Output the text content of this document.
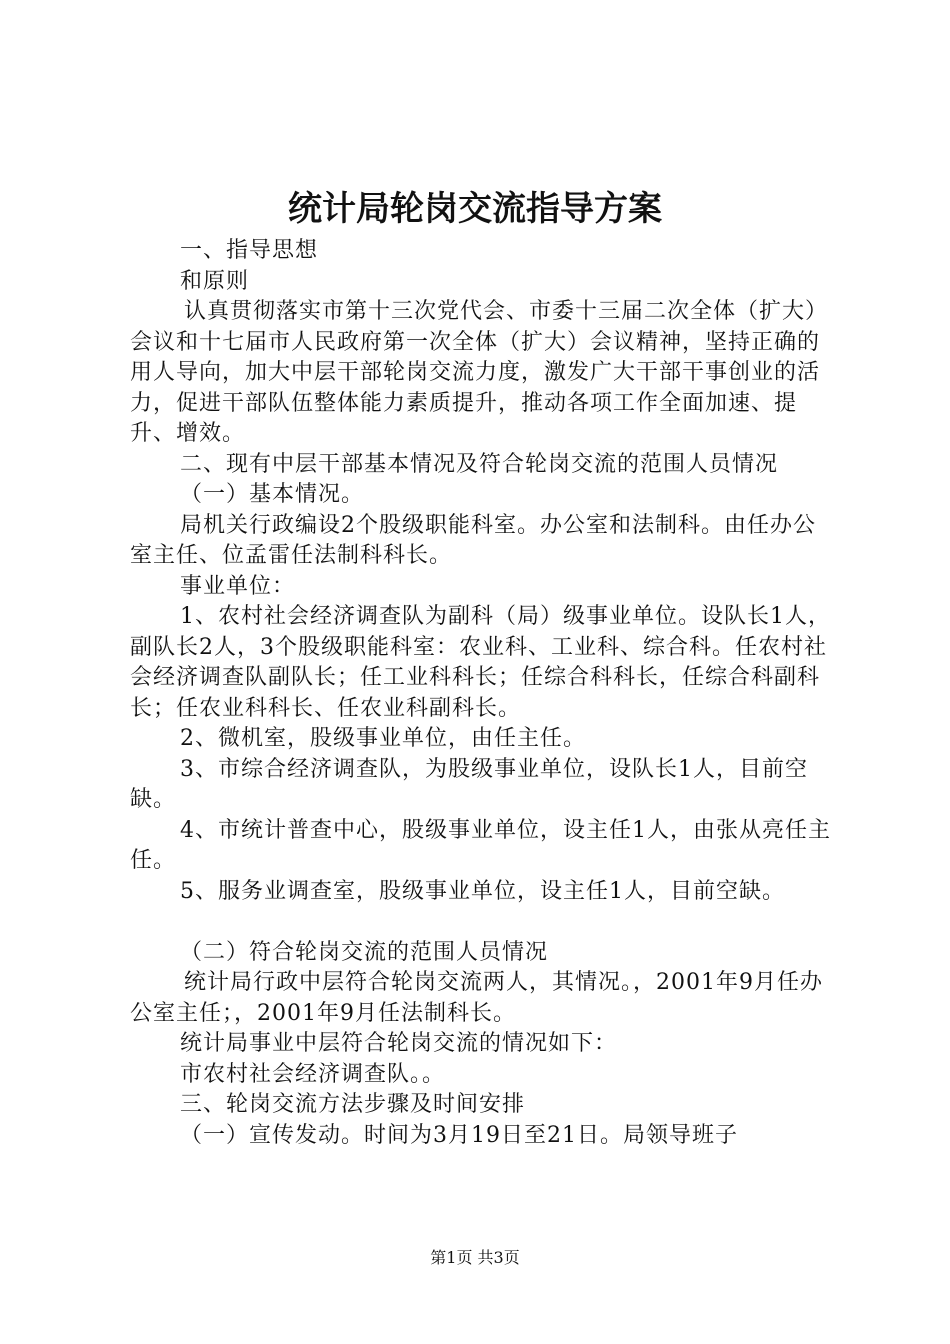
统计局轮岗交流指导方案

一、指导思想

和原则

认真贯彻落实市第十三次党代会、市委十三届二次全体（扩大）会议和十七届市人民政府第一次全体（扩大）会议精神，坚持正确的用人导向，加大中层干部轮岗交流力度，激发广大干部干事创业的活力，促进干部队伍整体能力素质提升，推动各项工作全面加速、提升、增效。

二、现有中层干部基本情况及符合轮岗交流的范围人员情况

（一）基本情况。

局机关行政编设2个股级职能科室。办公室和法制科。由任办公室主任、位孟雷任法制科科长。

事业单位：

1、农村社会经济调查队为副科（局）级事业单位。设队长1人，副队长2人，3个股级职能科室：农业科、工业科、综合科。任农村社会经济调查队副队长；任工业科科长；任综合科科长，任综合科副科长；任农业科科长、任农业科副科长。

2、微机室，股级事业单位，由任主任。

3、市综合经济调查队，为股级事业单位，设队长1人，目前空缺。

4、市统计普查中心，股级事业单位，设主任1人，由张从亮任主任。

5、服务业调查室，股级事业单位，设主任1人，目前空缺。

（二）符合轮岗交流的范围人员情况

统计局行政中层符合轮岗交流两人，其情况。，2001年9月任办公室主任；，2001年9月任法制科长。

统计局事业中层符合轮岗交流的情况如下：

市农村社会经济调查队。。

三、轮岗交流方法步骤及时间安排

（一）宣传发动。时间为3月19日至21日。局领导班子

第1页 共3页
